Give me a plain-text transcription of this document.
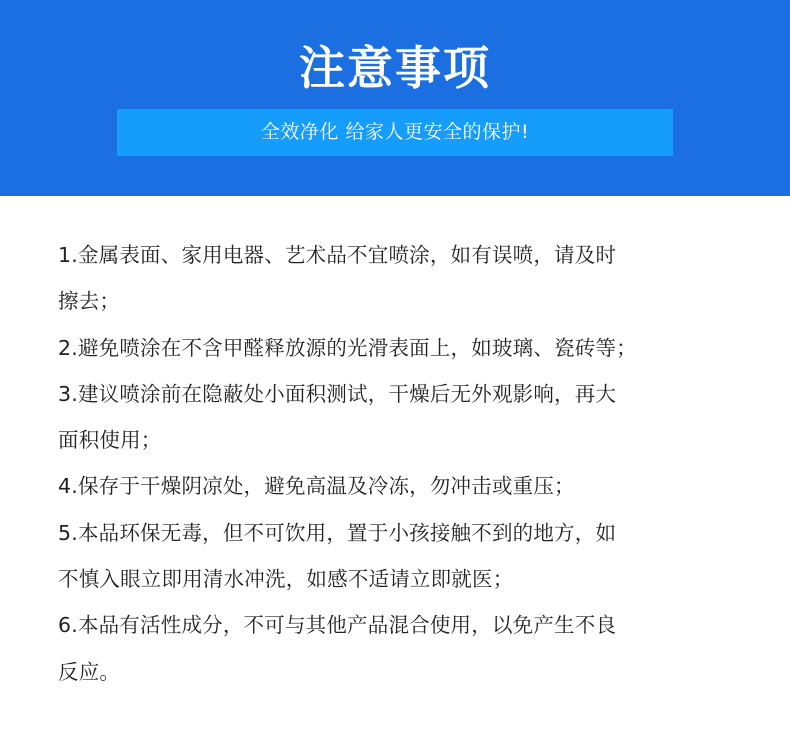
注意事项
全效净化 给家人更安全的保护!
1.金属表面、家用电器、艺术品不宜喷涂，如有误喷，请及时
擦去；
2.避免喷涂在不含甲醛释放源的光滑表面上，如玻璃、瓷砖等；
3.建议喷涂前在隐蔽处小面积测试，干燥后无外观影响，再大
面积使用；
4.保存于干燥阴凉处，避免高温及冷冻，勿冲击或重压；
5.本品环保无毒，但不可饮用，置于小孩接触不到的地方，如
不慎入眼立即用清水冲洗，如感不适请立即就医；
6.本品有活性成分，不可与其他产品混合使用，以免产生不良
反应。
